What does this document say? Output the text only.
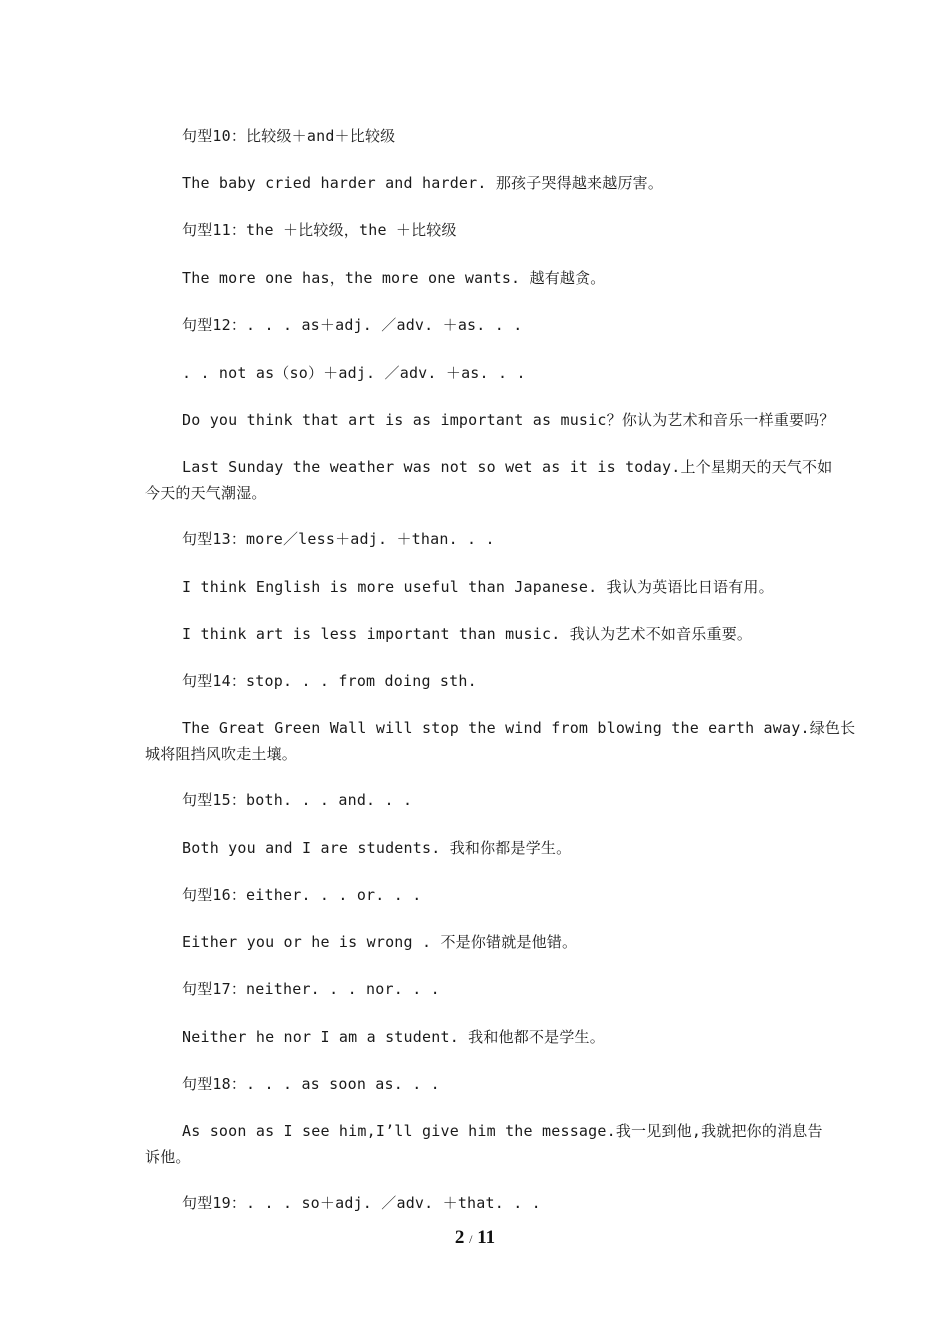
句型10：比较级＋and＋比较级

The baby cried harder and harder. 那孩子哭得越来越厉害。

句型11：the ＋比较级，the ＋比较级

The more one has，the more one wants. 越有越贪。

句型12：. . . as＋adj. ／adv. ＋as. . .

. . not as（so）＋adj. ／adv. ＋as. . .

Do you think that art is as important as music？你认为艺术和音乐一样重要吗？

Last Sunday the weather was not so wet as it is today.上个星期天的天气不如

今天的天气潮湿。

句型13：more／less＋adj. ＋than. . .

I think English is more useful than Japanese. 我认为英语比日语有用。

I think art is less important than music. 我认为艺术不如音乐重要。

句型14：stop. . . from doing sth.

The Great Green Wall will stop the wind from blowing the earth away.绿色长

城将阻挡风吹走土壤。

句型15：both. . . and. . .

Both you and I are students. 我和你都是学生。

句型16：either. . . or. . .

Either you or he is wrong . 不是你错就是他错。

句型17：neither. . . nor. . .

Neither he nor I am a student. 我和他都不是学生。

句型18：. . . as soon as. . .

As soon as I see him,I’ll give him the message.我一见到他,我就把你的消息告

诉他。

句型19：. . . so＋adj. ／adv. ＋that. . .

2 / 11
